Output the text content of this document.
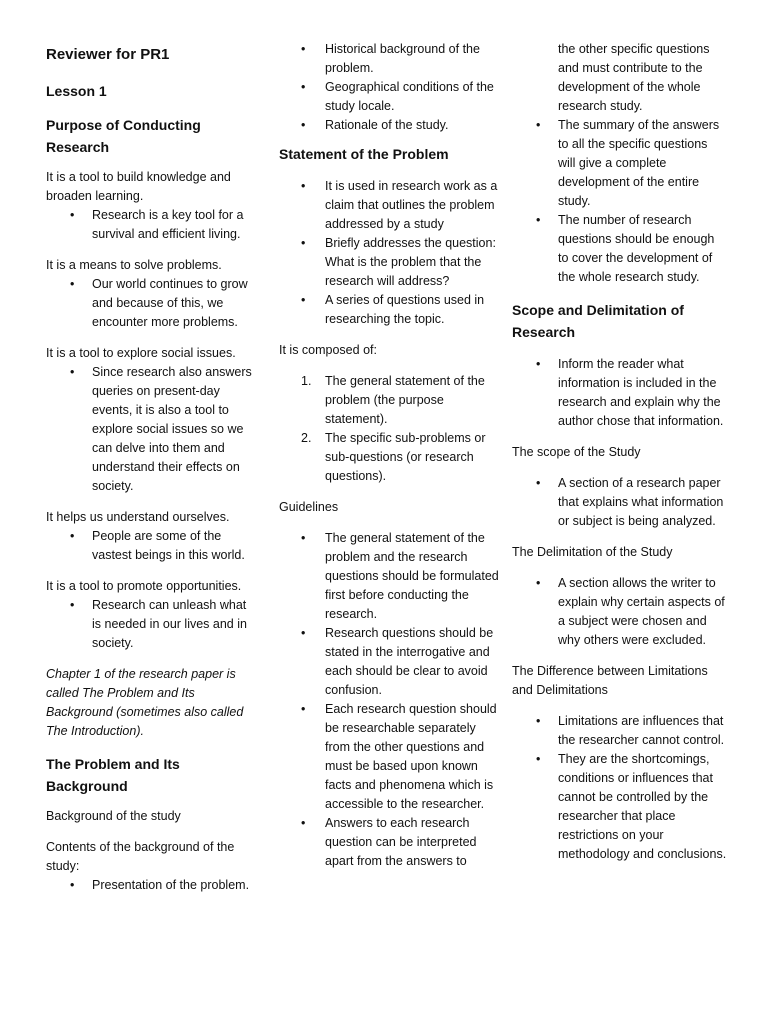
Reviewer for PR1
Lesson 1
Purpose of Conducting Research
It is a tool to build knowledge and broaden learning.
• Research is a key tool for a survival and efficient living.
It is a means to solve problems.
• Our world continues to grow and because of this, we encounter more problems.
It is a tool to explore social issues.
• Since research also answers queries on present-day events, it is also a tool to explore social issues so we can delve into them and understand their effects on society.
It helps us understand ourselves.
• People are some of the vastest beings in this world.
It is a tool to promote opportunities.
• Research can unleash what is needed in our lives and in society.
Chapter 1 of the research paper is called The Problem and Its Background (sometimes also called The Introduction).
The Problem and Its Background
Background of the study
Contents of the background of the study:
• Presentation of the problem.
• Historical background of the problem.
• Geographical conditions of the study locale.
• Rationale of the study.
Statement of the Problem
• It is used in research work as a claim that outlines the problem addressed by a study
• Briefly addresses the question: What is the problem that the research will address?
• A series of questions used in researching the topic.
It is composed of:
1. The general statement of the problem (the purpose statement).
2. The specific sub-problems or sub-questions (or research questions).
Guidelines
• The general statement of the problem and the research questions should be formulated first before conducting the research.
• Research questions should be stated in the interrogative and each should be clear to avoid confusion.
• Each research question should be researchable separately from the other questions and must be based upon known facts and phenomena which is accessible to the researcher.
• Answers to each research question can be interpreted apart from the answers to
the other specific questions and must contribute to the development of the whole research study.
• The summary of the answers to all the specific questions will give a complete development of the entire study.
• The number of research questions should be enough to cover the development of the whole research study.
Scope and Delimitation of Research
• Inform the reader what information is included in the research and explain why the author chose that information.
The scope of the Study
• A section of a research paper that explains what information or subject is being analyzed.
The Delimitation of the Study
• A section allows the writer to explain why certain aspects of a subject were chosen and why others were excluded.
The Difference between Limitations and Delimitations
• Limitations are influences that the researcher cannot control.
• They are the shortcomings, conditions or influences that cannot be controlled by the researcher that place restrictions on your methodology and conclusions.
